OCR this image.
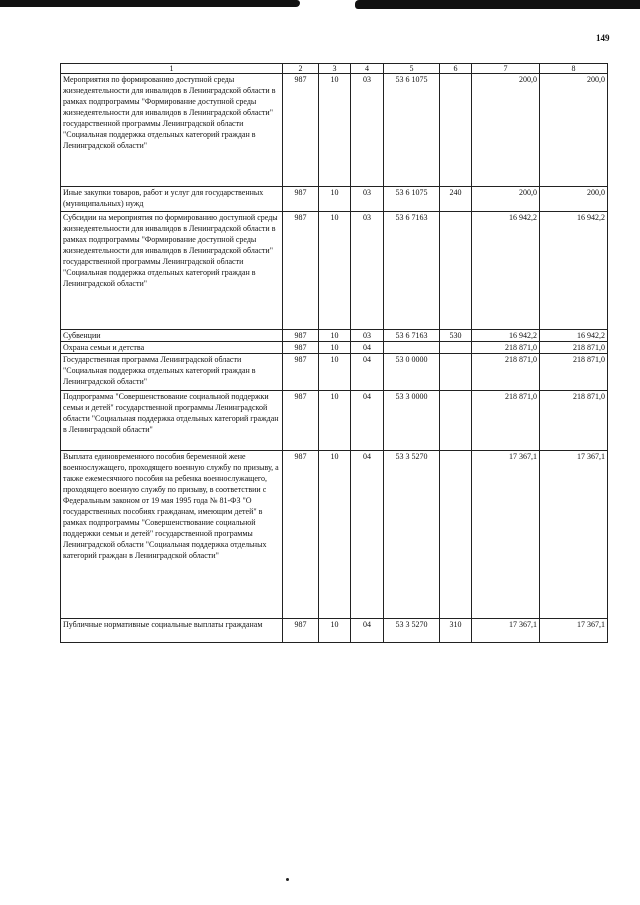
149
1	2	3	4	5	6	7	8
Мероприятия по формированию доступной среды жизнедеятельности для инвалидов в Ленинградской области в рамках подпрограммы "Формирование доступной среды жизнедеятельности для инвалидов в Ленинградской области" государственной программы Ленинградской области "Социальная поддержка отдельных категорий граждан в Ленинградской области"	987	10	03	53 6 1075		200,0	200,0
Иные закупки товаров, работ и услуг для государственных (муниципальных) нужд	987	10	03	53 6 1075	240	200,0	200,0
Субсидии на мероприятия по формированию доступной среды жизнедеятельности для инвалидов в Ленинградской области в рамках подпрограммы "Формирование доступной среды жизнедеятельности для инвалидов в Ленинградской области" государственной программы Ленинградской области "Социальная поддержка отдельных категорий граждан в Ленинградской области"	987	10	03	53 6 7163		16 942,2	16 942,2
Субвенции	987	10	03	53 6 7163	530	16 942,2	16 942,2
Охрана семьи и детства	987	10	04			218 871,0	218 871,0
Государственная программа Ленинградской области "Социальная поддержка отдельных категорий граждан в Ленинградской области"	987	10	04	53 0 0000		218 871,0	218 871,0
Подпрограмма "Совершенствование социальной поддержки семьи и детей" государственной программы Ленинградской области "Социальная поддержка отдельных категорий граждан в Ленинградской области"	987	10	04	53 3 0000		218 871,0	218 871,0
Выплата единовременного пособия беременной жене военнослужащего, проходящего военную службу по призыву, а также ежемесячного пособия на ребенка военнослужащего, проходящего военную службу по призыву, в соответствии с Федеральным законом от 19 мая 1995 года № 81-ФЗ "О государственных пособиях гражданам, имеющим детей" в рамках подпрограммы "Совершенствование социальной поддержки семьи и детей" государственной программы Ленинградской области "Социальная поддержка отдельных категорий граждан в Ленинградской области"	987	10	04	53 3 5270		17 367,1	17 367,1
Публичные нормативные социальные выплаты гражданам	987	10	04	53 3 5270	310	17 367,1	17 367,1
